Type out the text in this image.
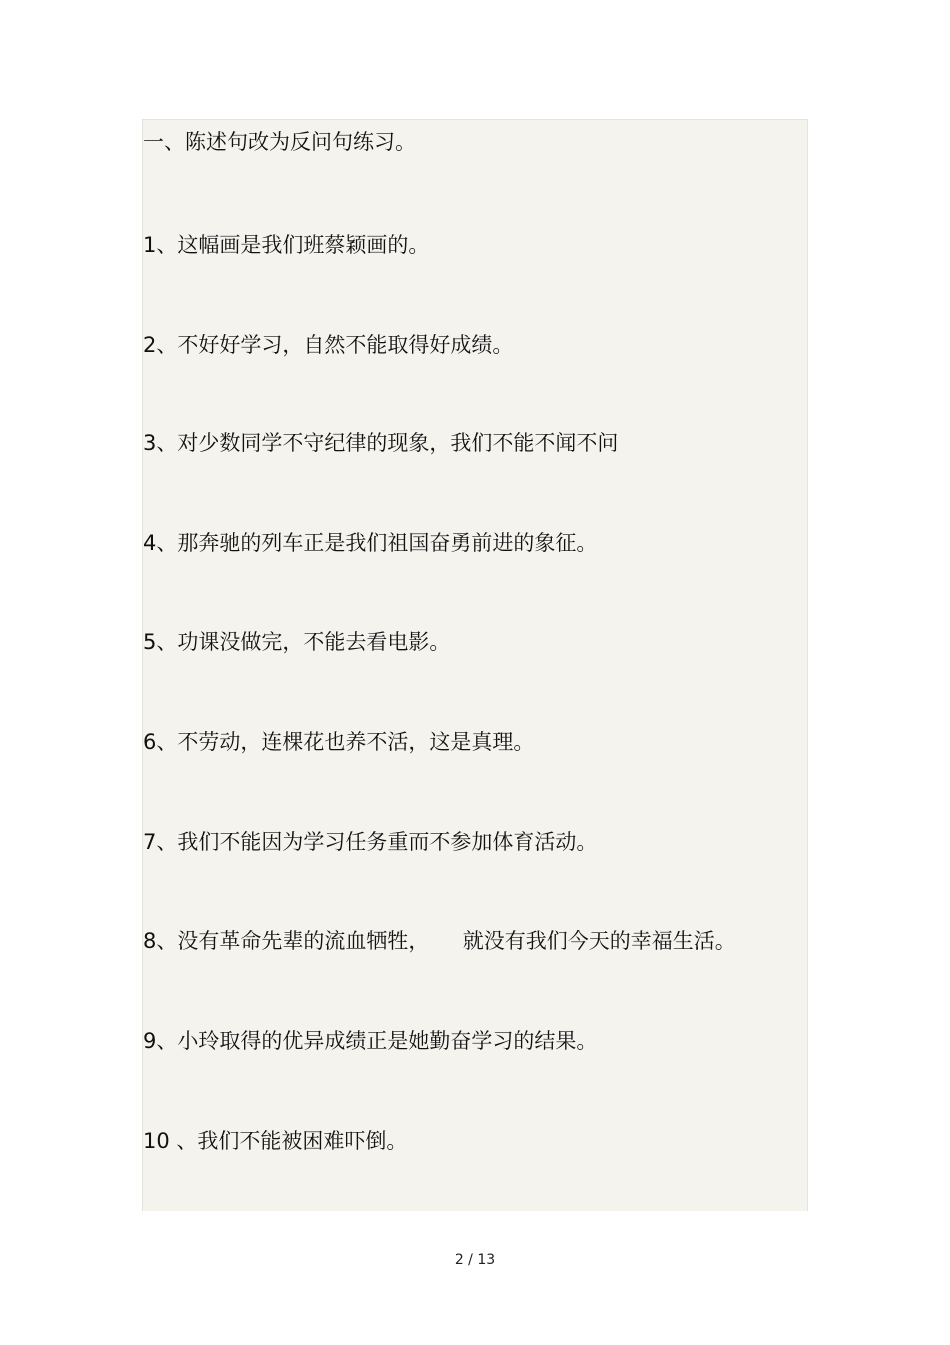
一、陈述句改为反问句练习。

1、这幅画是我们班蔡颖画的。

2、不好好学习，自然不能取得好成绩。

3、对少数同学不守纪律的现象，我们不能不闻不问

4、那奔驰的列车正是我们祖国奋勇前进的象征。

5、功课没做完，不能去看电影。

6、不劳动，连棵花也养不活，这是真理。

7、我们不能因为学习任务重而不参加体育活动。

8、没有革命先辈的流血牺牲，     就没有我们今天的幸福生活。

9、小玲取得的优异成绩正是她勤奋学习的结果。

10 、我们不能被困难吓倒。

2 / 13
